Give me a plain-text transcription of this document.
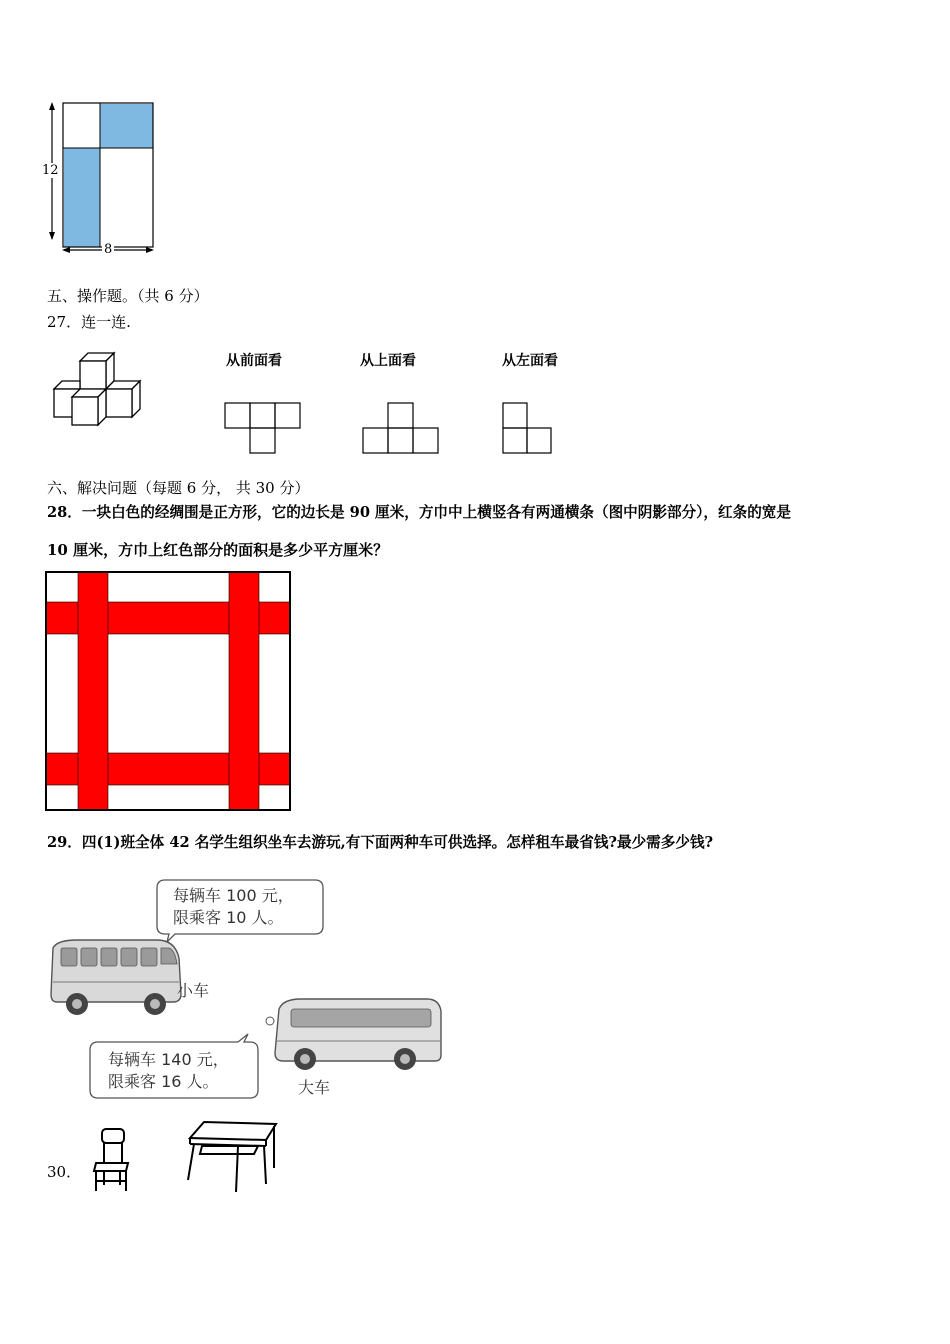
12
8
五、操作题。（共 6 分）
27．连一连.
从前面看	从上面看	从左面看
六、解决问题（每题 6 分， 共 30 分）
28．一块白色的经绸围是正方形，它的边长是 90 厘米，方巾中上横竖各有两通横条（图中阴影部分），红条的宽是
10 厘米，方巾上红色部分的面积是多少平方厘米？
29．四(1)班全体 42 名学生组织坐车去游玩,有下面两种车可供选择。怎样租车最省钱?最少需多少钱?
每辆车 100 元，
限乘客 10 人。
小车
每辆车 140 元，
限乘客 16 人。	大车
30．
